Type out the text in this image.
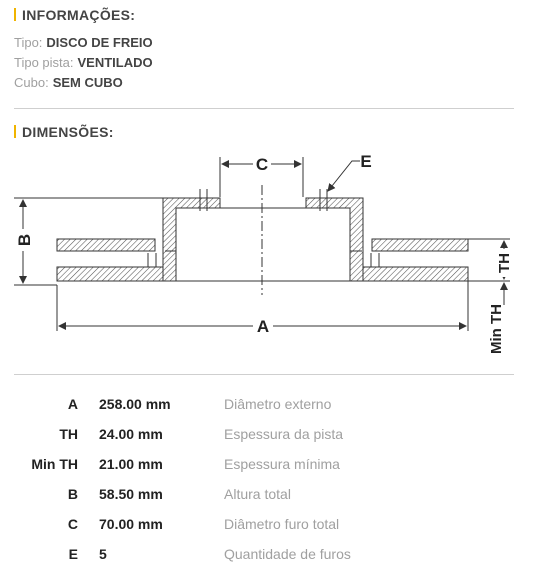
INFORMAÇÕES:
Tipo: DISCO DE FREIO
Tipo pista: VENTILADO
Cubo: SEM CUBO
DIMENSÕES:
C	E
B
A
TH
Min TH
A 258.00 mm	Diâmetro externo
TH 24.00 mm	Espessura da pista
Min TH 21.00 mm	Espessura mínima
B 58.50 mm	Altura total
C 70.00 mm	Diâmetro furo total
E 5	Quantidade de furos
